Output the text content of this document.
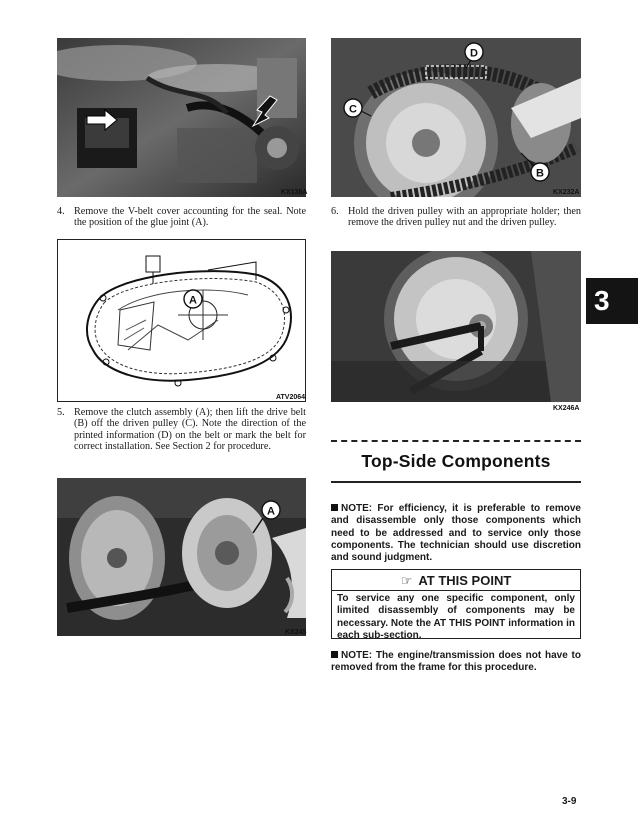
KX138A
4. Remove the V-belt cover accounting for the seal. Note the position of the glue joint (A).
A
ATV2064
5. Remove the clutch assembly (A); then lift the drive belt (B) off the driven pulley (C). Note the direction of the printed information (D) on the belt or mark the belt for correct installation. See Section 2 for procedure.
A
KX245
D
C
B
KX232A
6. Hold the driven pulley with an appropriate holder; then remove the driven pulley nut and the driven pulley.
KX246A
Top-Side Components
NOTE: For efficiency, it is preferable to remove and disassemble only those components which need to be addressed and to service only those components. The technician should use discretion and sound judgment.
☞ AT THIS POINT
To service any one specific component, only limited disassembly of components may be necessary. Note the AT THIS POINT information in each sub-section.
NOTE: The engine/transmission does not have to removed from the frame for this procedure.
3
3-9
